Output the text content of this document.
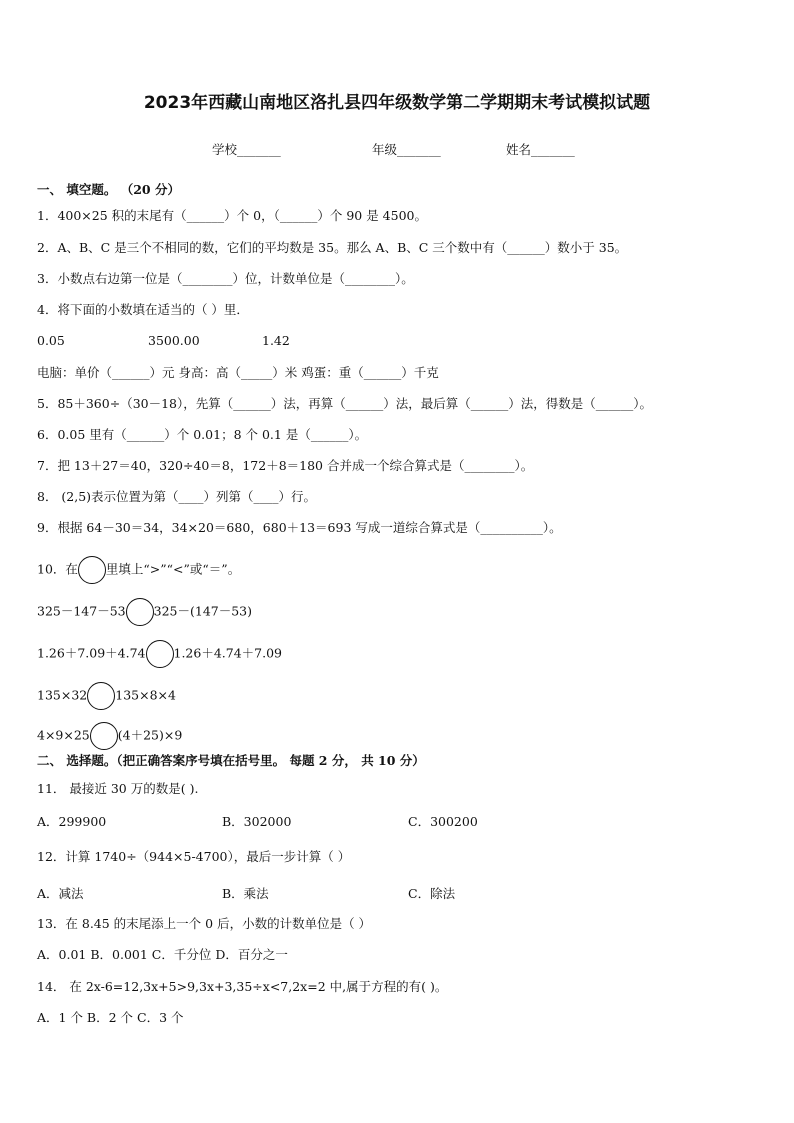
2023年西藏山南地区洛扎县四年级数学第二学期期末考试模拟试题
学校_______	年级_______	姓名_______
一、 填空题。 （20 分）
1．400×25 积的末尾有（______）个 0，（______）个 90 是 4500。
2．A、B、C 是三个不相同的数，它们的平均数是 35。那么 A、B、C 三个数中有（______）数小于 35。
3．小数点右边第一位是（________）位，计数单位是（________）。
4．将下面的小数填在适当的（ ）里．
0.05	3500.00	1.42
电脑：单价（______）元 身高：高（_____）米 鸡蛋：重（______）千克
5．85＋360÷（30－18），先算（______）法，再算（______）法，最后算（______）法，得数是（______）。
6．0.05 里有（______）个 0.01；8 个 0.1 是（______）。
7．把 13＋27＝40，320÷40＝8，172＋8＝180 合并成一个综合算式是（________）。
8． (2,5)表示位置为第（____）列第（____）行。
9．根据 64－30＝34，34×20＝680，680＋13＝693 写成一道综合算式是（__________）。
10．在 里填上“>”“<”或“＝”。
325－147－53 325－(147－53)
1.26＋7.09＋4.74 1.26＋4.74＋7.09
135×32 135×8×4
4×9×25 (4＋25)×9
二、 选择题。（把正确答案序号填在括号里。 每题 2 分， 共 10 分）
11． 最接近 30 万的数是( ).
A．299900	B．302000	C．300200
12．计算 1740÷（944×5-4700），最后一步计算（ ）
A．减法	B．乘法	C．除法
13．在 8.45 的末尾添上一个 0 后，小数的计数单位是（ ）
A．0.01 B．0.001 C．千分位 D．百分之一
14． 在 2x-6=12,3x+5>9,3x+3,35÷x<7,2x=2 中,属于方程的有( )。
A．1 个 B．2 个 C．3 个
